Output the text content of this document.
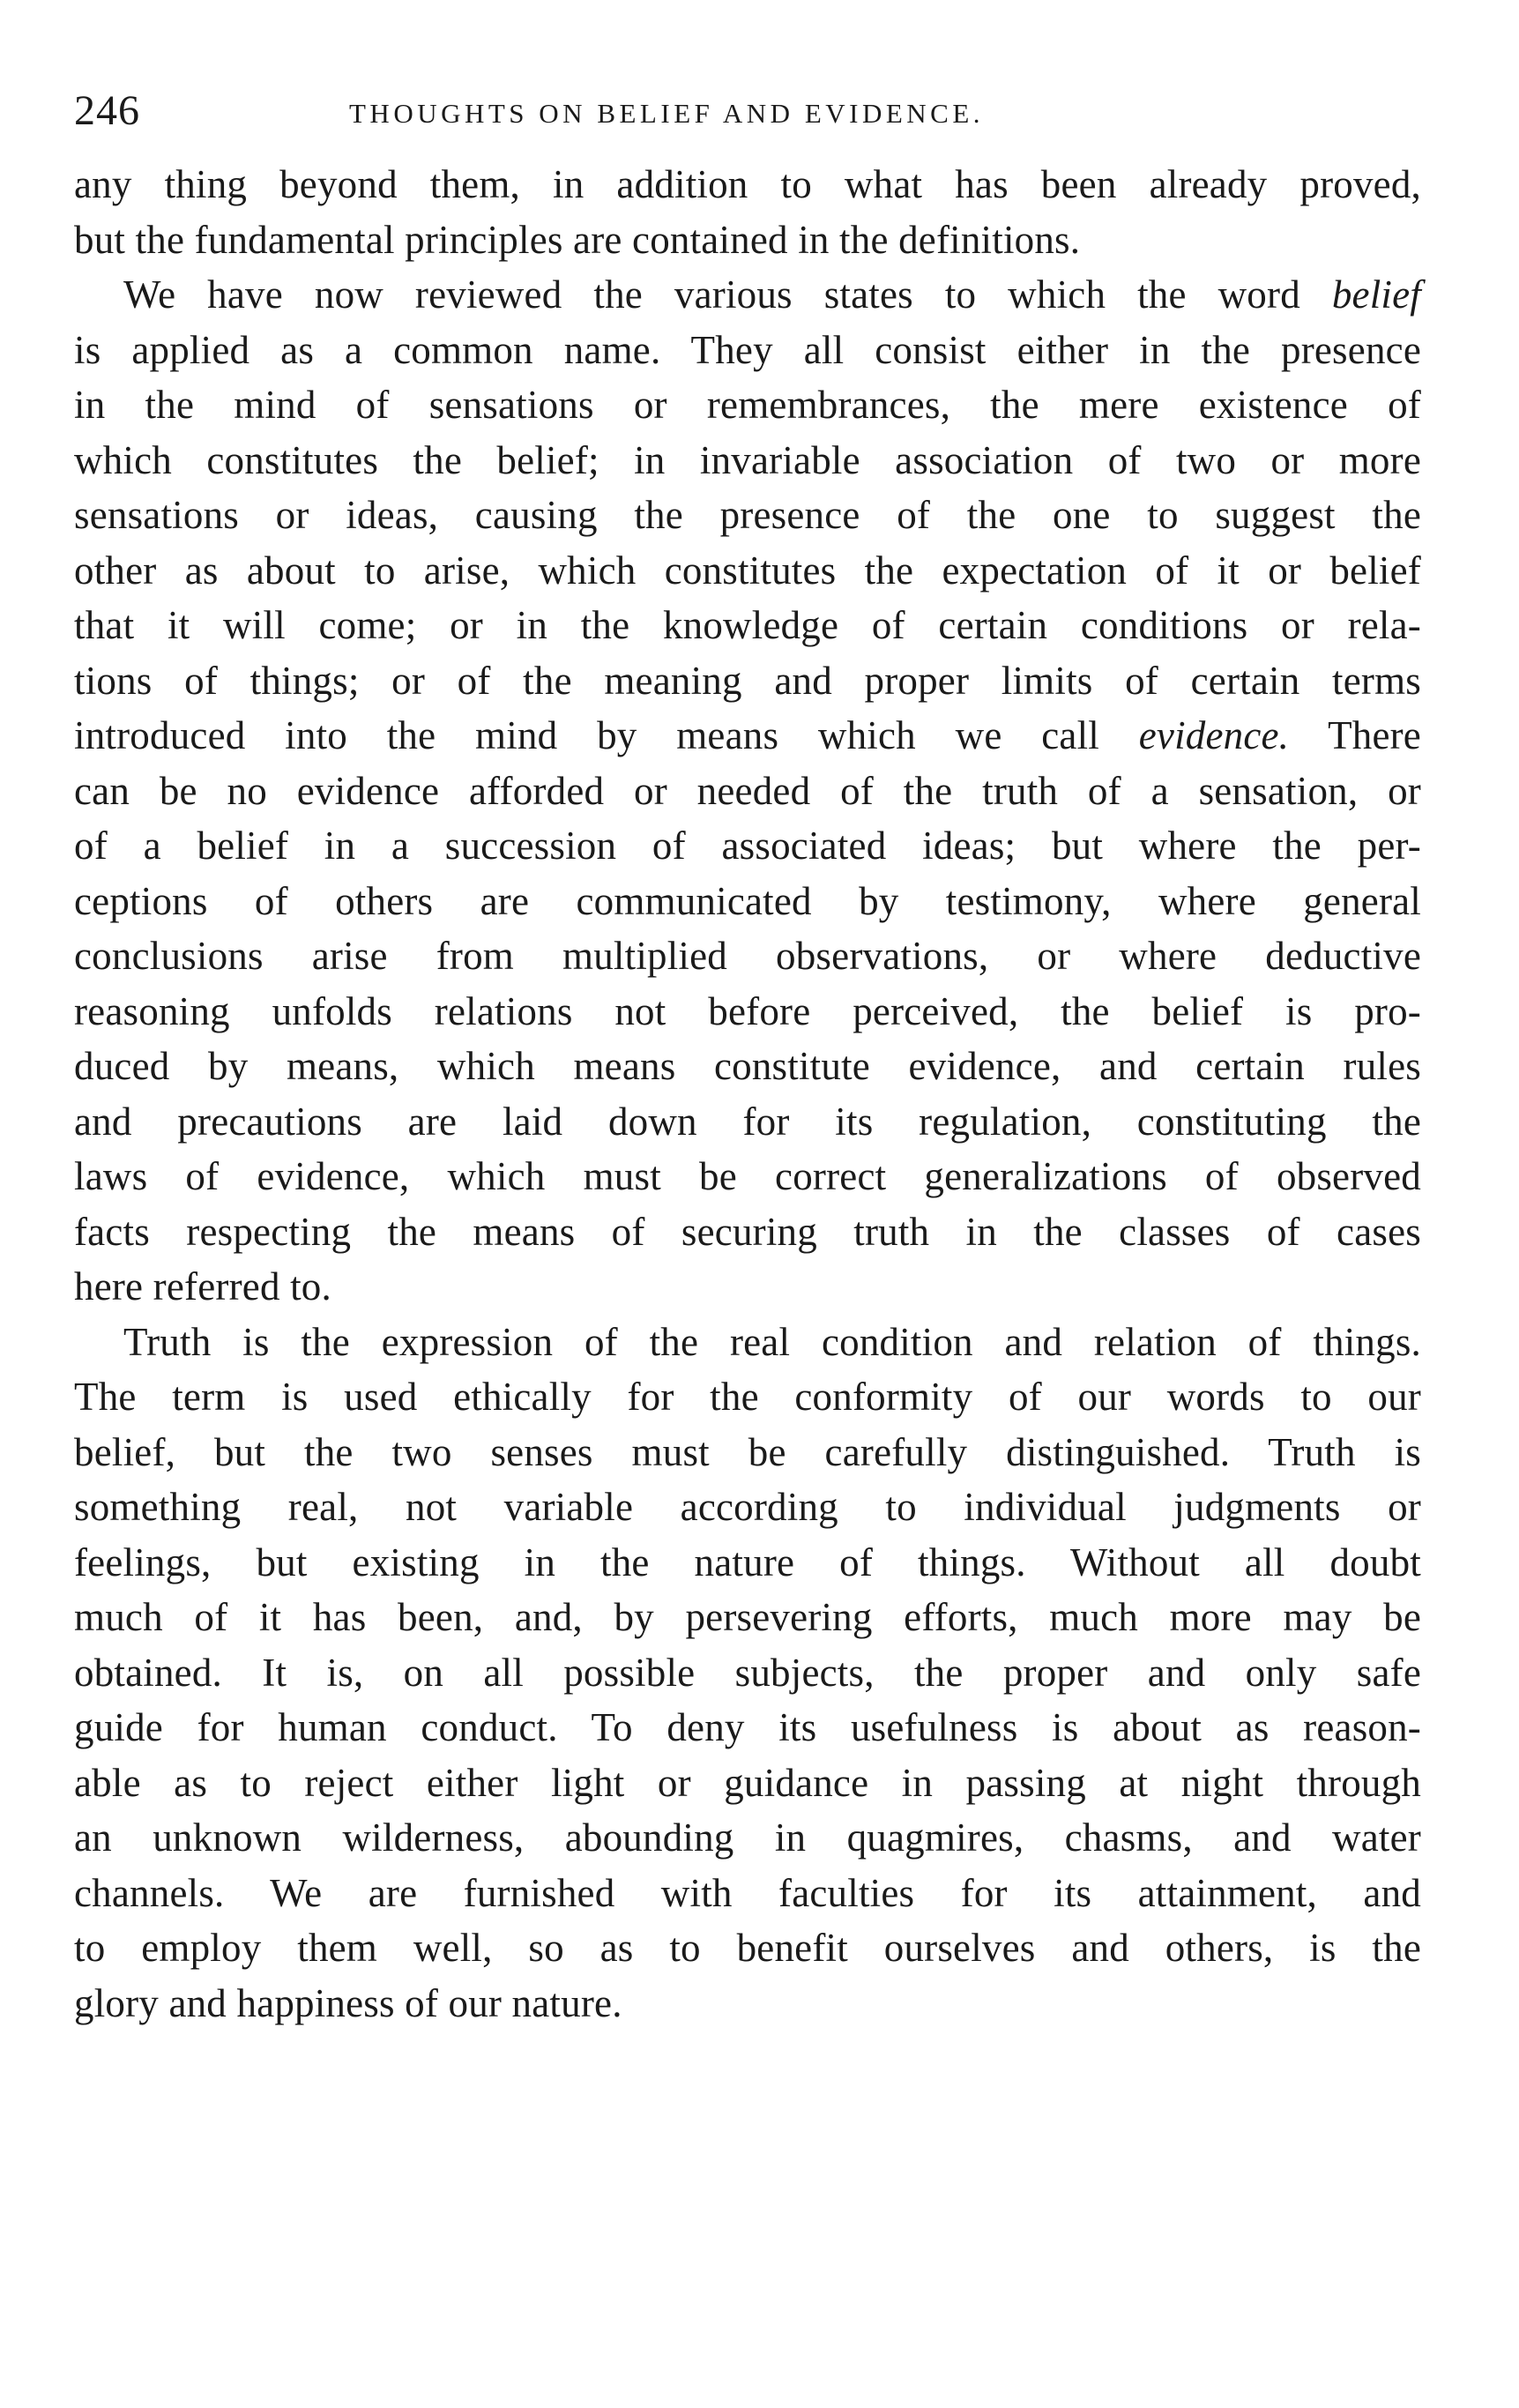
246	THOUGHTS ON BELIEF AND EVIDENCE.

any thing beyond them, in addition to what has been already proved,

but the fundamental principles are contained in the definitions.

We have now reviewed the various states to which the word belief

is applied as a common name. They all consist either in the presence

in the mind of sensations or remembrances, the mere existence of

which constitutes the belief; in invariable association of two or more

sensations or ideas, causing the presence of the one to suggest the

other as about to arise, which constitutes the expectation of it or belief

that it will come; or in the knowledge of certain conditions or rela-

tions of things; or of the meaning and proper limits of certain terms

introduced into the mind by means which we call evidence. There

can be no evidence afforded or needed of the truth of a sensation, or

of a belief in a succession of associated ideas; but where the per-

ceptions of others are communicated by testimony, where general

conclusions arise from multiplied observations, or where deductive

reasoning unfolds relations not before perceived, the belief is pro-

duced by means, which means constitute evidence, and certain rules

and precautions are laid down for its regulation, constituting the

laws of evidence, which must be correct generalizations of observed

facts respecting the means of securing truth in the classes of cases

here referred to.

Truth is the expression of the real condition and relation of things.

The term is used ethically for the conformity of our words to our

belief, but the two senses must be carefully distinguished. Truth is

something real, not variable according to individual judgments or

feelings, but existing in the nature of things. Without all doubt

much of it has been, and, by persevering efforts, much more may be

obtained. It is, on all possible subjects, the proper and only safe

guide for human conduct. To deny its usefulness is about as reason-

able as to reject either light or guidance in passing at night through

an unknown wilderness, abounding in quagmires, chasms, and water

channels. We are furnished with faculties for its attainment, and

to employ them well, so as to benefit ourselves and others, is the

glory and happiness of our nature.
